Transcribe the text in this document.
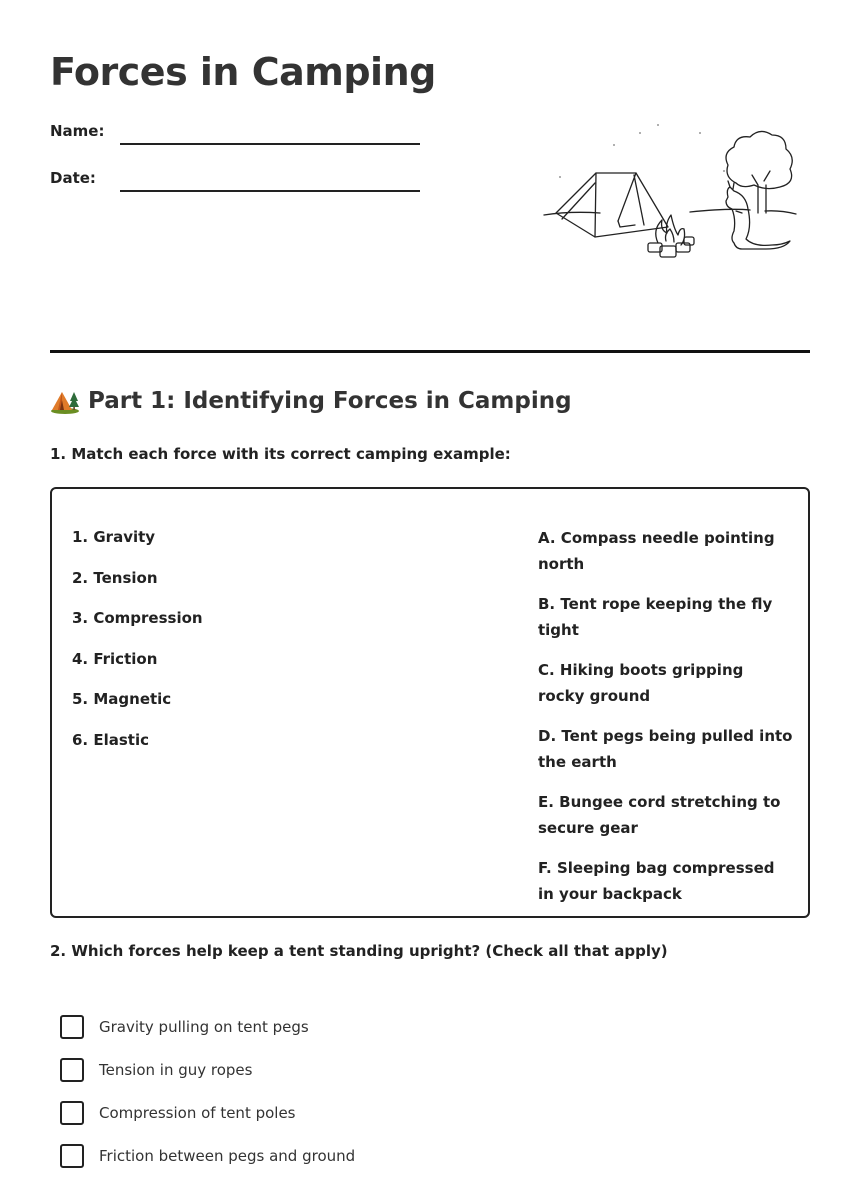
Forces in Camping
Name:
Date:
Part 1: Identifying Forces in Camping
1. Match each force with its correct camping example:
1. Gravity
2. Tension
3. Compression
4. Friction
5. Magnetic
6. Elastic
A. Compass needle pointing north
B. Tent rope keeping the fly tight
C. Hiking boots gripping rocky ground
D. Tent pegs being pulled into the earth
E. Bungee cord stretching to secure gear
F. Sleeping bag compressed in your backpack
2. Which forces help keep a tent standing upright? (Check all that apply)
Gravity pulling on tent pegs
Tension in guy ropes
Compression of tent poles
Friction between pegs and ground
